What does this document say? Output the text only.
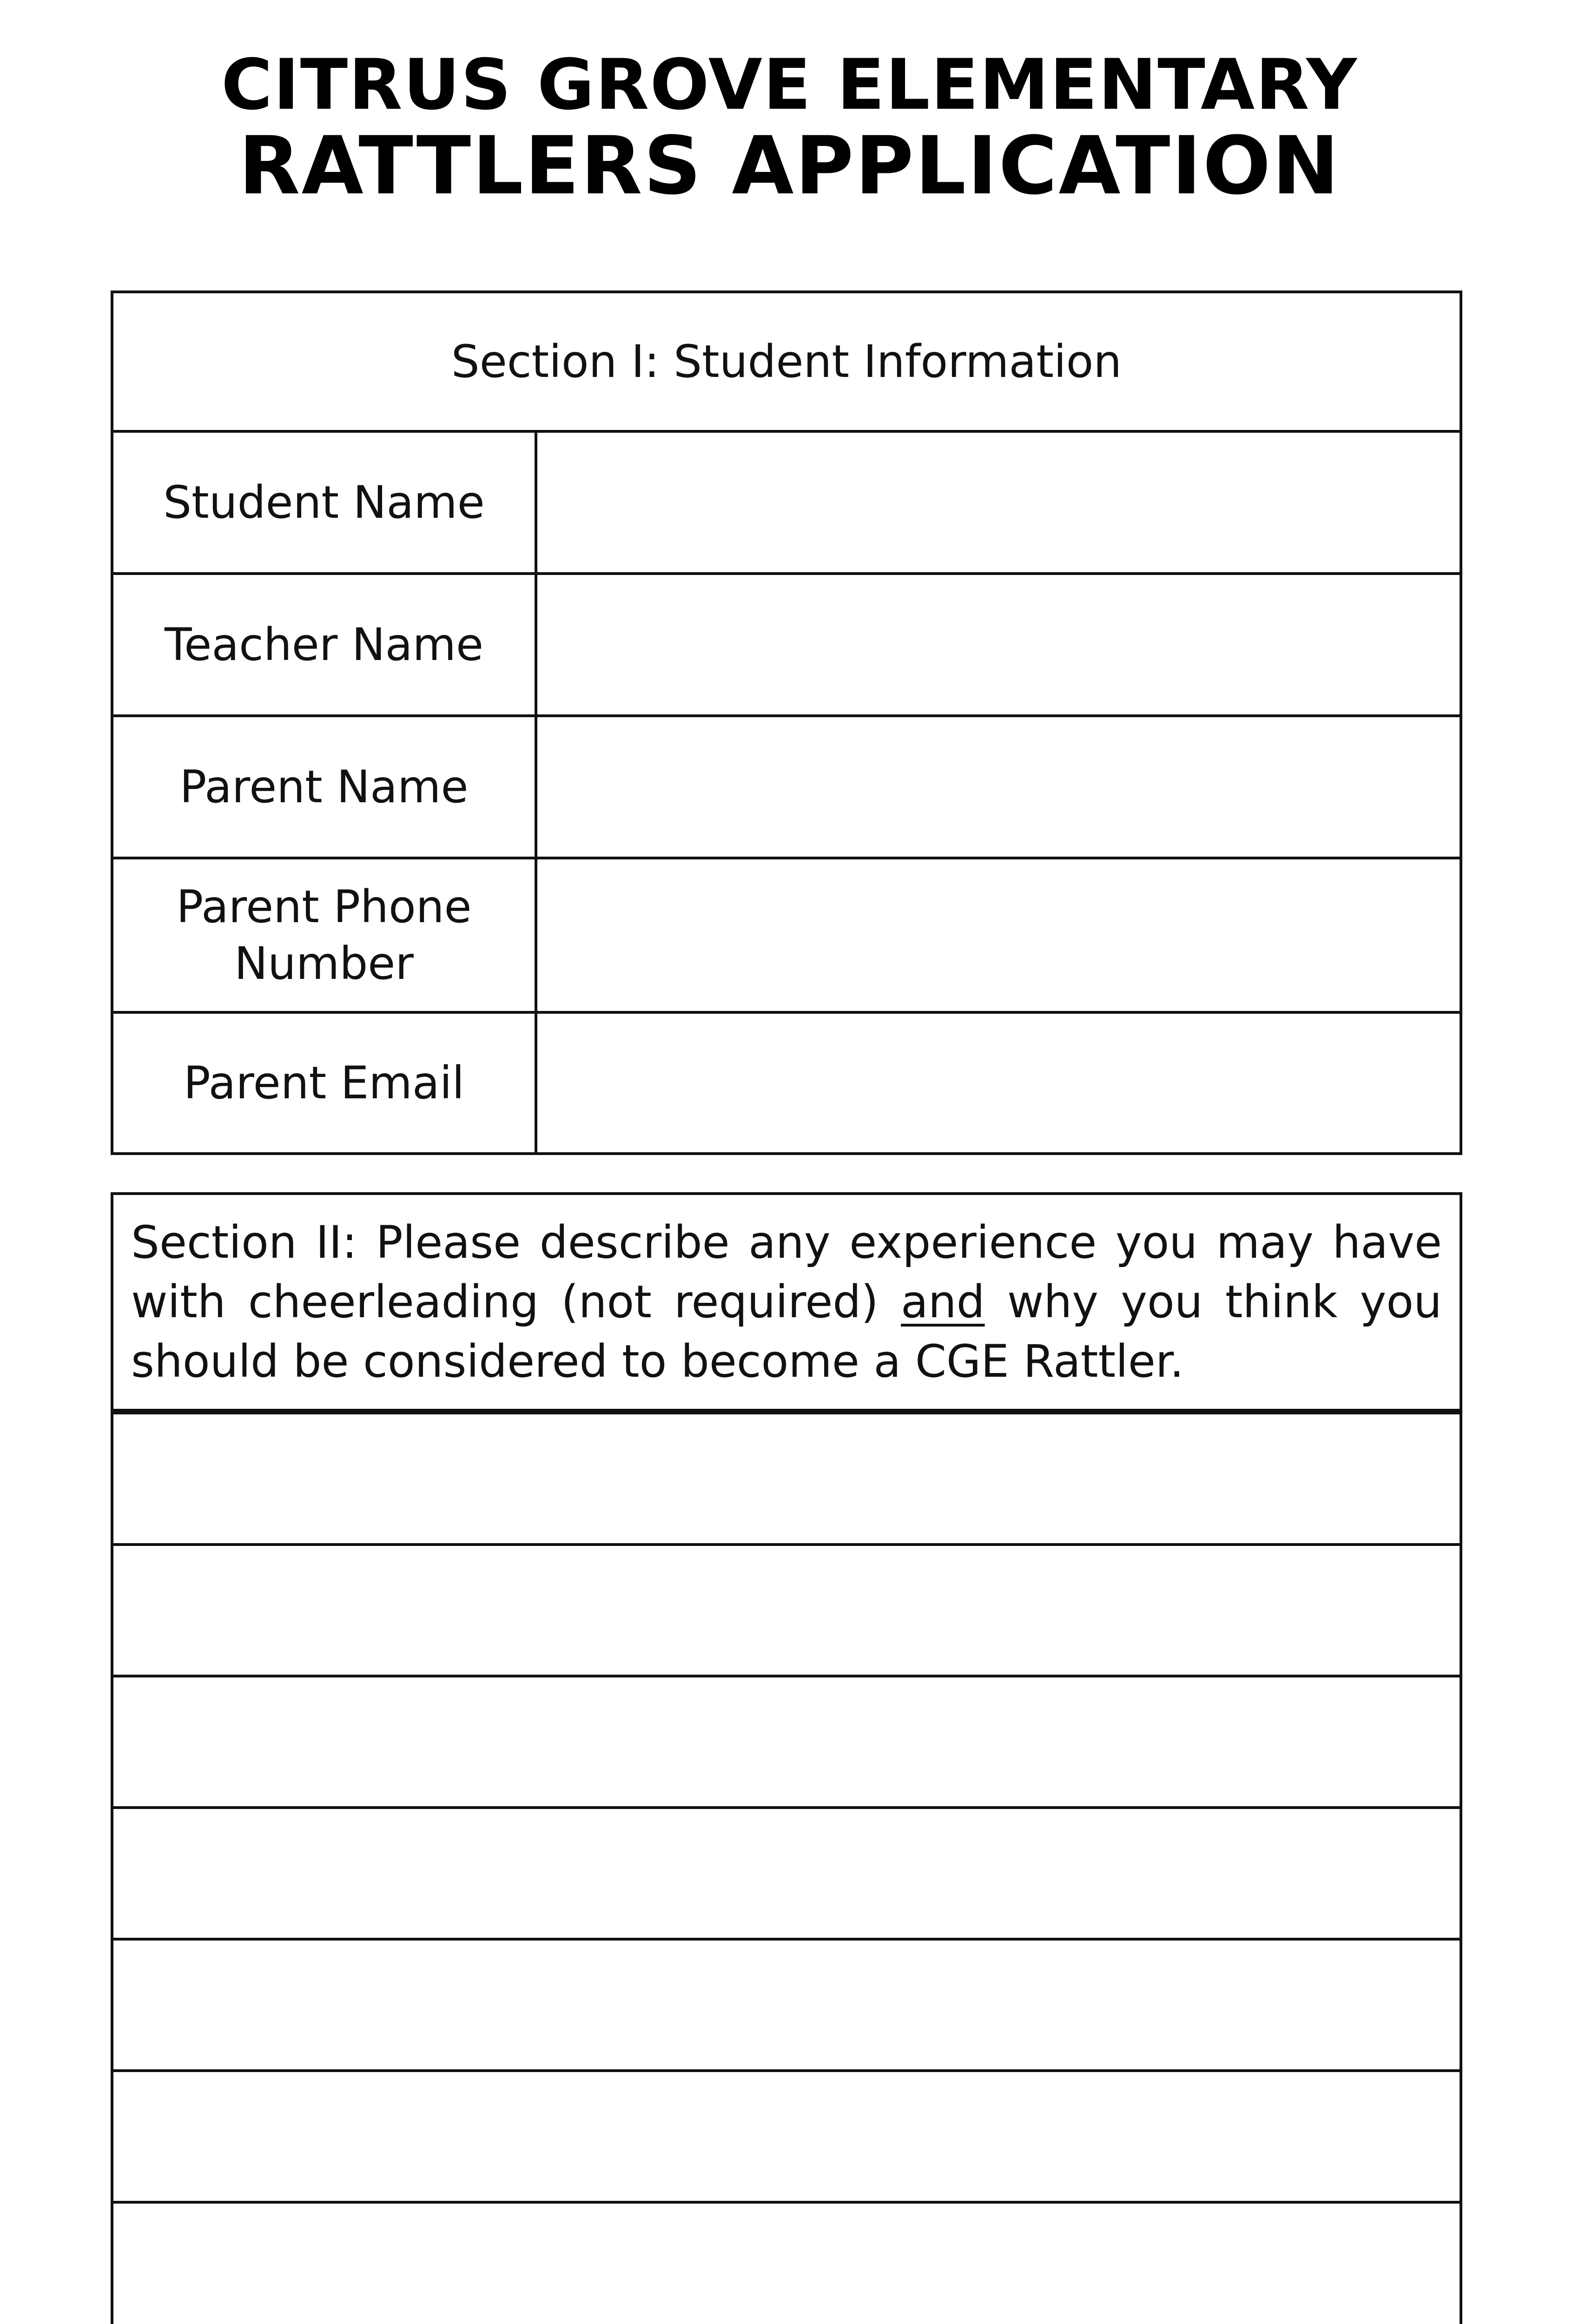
CITRUS GROVE ELEMENTARY
RATTLERS APPLICATION
Section I: Student Information
Student Name
Teacher Name
Parent Name
Parent Phone Number
Parent Email
Section II: Please describe any experience you may have with cheerleading (not required) and why you think you should be considered to become a CGE Rattler.
